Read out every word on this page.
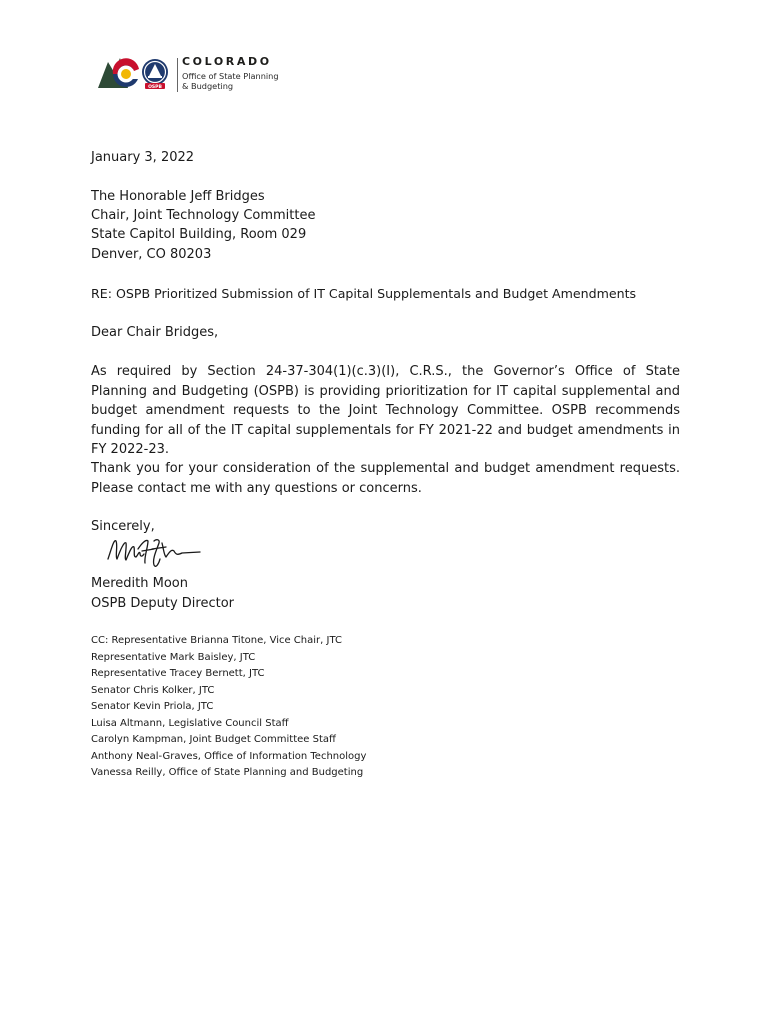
OSPB
COLORADO
Office of State Planning
& Budgeting
January 3, 2022
The Honorable Jeff Bridges
Chair, Joint Technology Committee
State Capitol Building, Room 029
Denver, CO 80203
RE: OSPB Prioritized Submission of IT Capital Supplementals and Budget Amendments
Dear Chair Bridges,
As required by Section 24-37-304(1)(c.3)(I), C.R.S., the Governor’s Office of State Planning and Budgeting (OSPB) is providing prioritization for IT capital supplemental and budget amendment requests to the Joint Technology Committee. OSPB recommends funding for all of the IT capital supplementals for FY 2021-22 and budget amendments in FY 2022-23.
Thank you for your consideration of the supplemental and budget amendment requests. Please contact me with any questions or concerns.
Sincerely,
Meredith Moon
OSPB Deputy Director
CC: Representative Brianna Titone, Vice Chair, JTC
Representative Mark Baisley, JTC
Representative Tracey Bernett, JTC
Senator Chris Kolker, JTC
Senator Kevin Priola, JTC
Luisa Altmann, Legislative Council Staff
Carolyn Kampman, Joint Budget Committee Staff
Anthony Neal-Graves, Office of Information Technology
Vanessa Reilly, Office of State Planning and Budgeting
